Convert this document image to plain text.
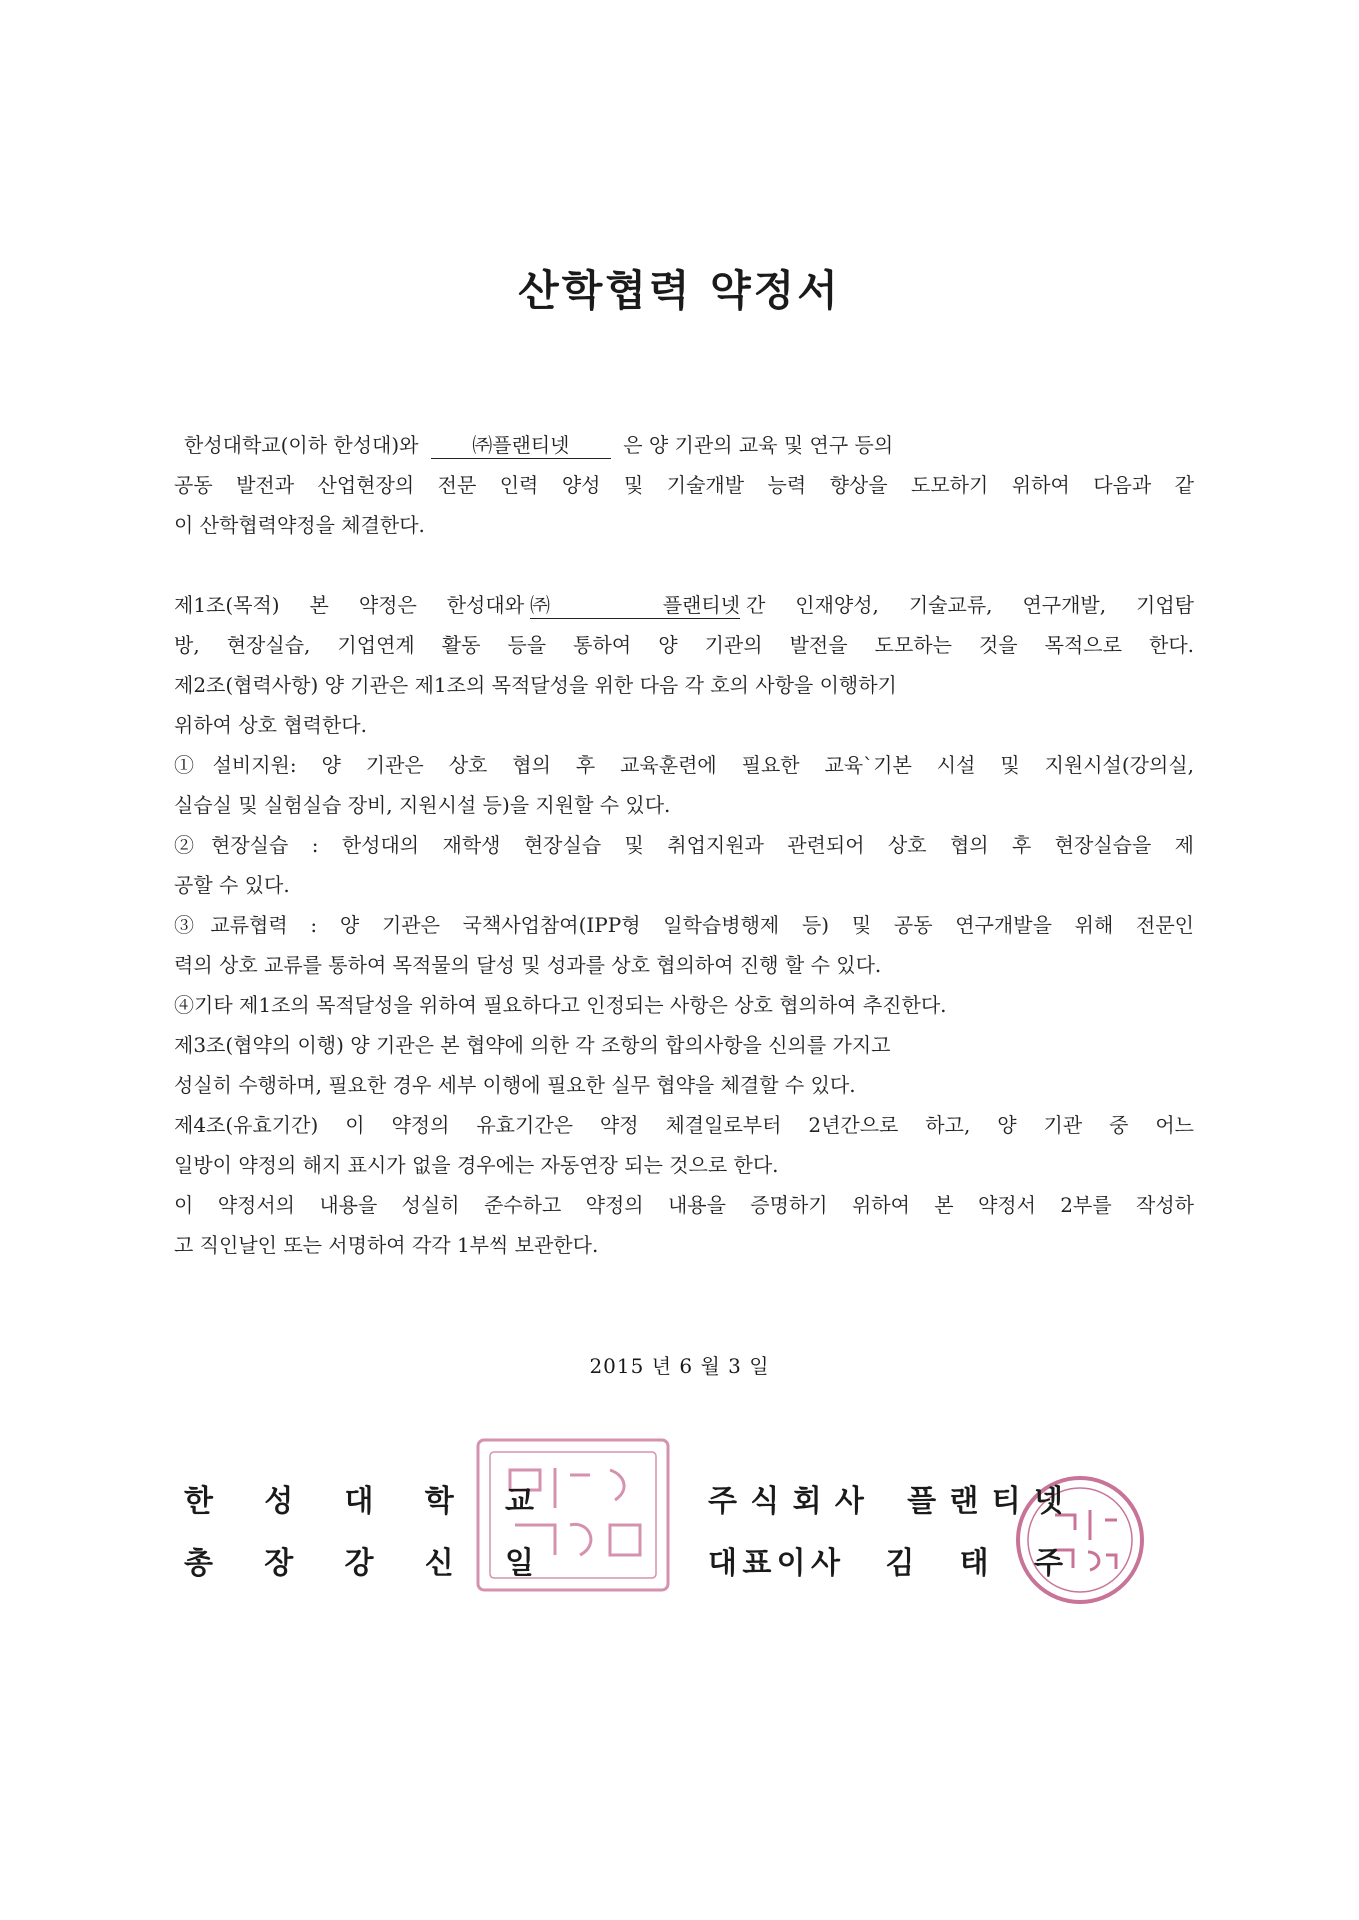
산학협력 약정서
한성대학교(이하 한성대)와	㈜플랜티넷	은 양 기관의 교육 및 연구 등의
공동 발전과 산업현장의 전문 인력 양성 및 기술개발 능력 향상을 도모하기 위하여 다음과 같
이 산학협력약정을 체결한다.
제1조(목적) 본 약정은 한성대와 ㈜플랜티넷 간 인재양성, 기술교류, 연구개발, 기업탐
방, 현장실습, 기업연계 활동 등을 통하여 양 기관의 발전을 도모하는 것을 목적으로 한다.
제2조(협력사항) 양 기관은 제1조의 목적달성을 위한 다음 각 호의 사항을 이행하기
위하여 상호 협력한다.
①설비지원: 양 기관은 상호 협의 후 교육훈련에 필요한 교육`기본 시설 및 지원시설(강의실,
실습실 및 실험실습 장비, 지원시설 등)을 지원할 수 있다.
②현장실습 : 한성대의 재학생 현장실습 및 취업지원과 관련되어 상호 협의 후 현장실습을 제
공할 수 있다.
③교류협력 : 양 기관은 국책사업참여(IPP형 일학습병행제 등) 및 공동 연구개발을 위해 전문인
력의 상호 교류를 통하여 목적물의 달성 및 성과를 상호 협의하여 진행 할 수 있다.
④기타 제1조의 목적달성을 위하여 필요하다고 인정되는 사항은 상호 협의하여 추진한다.
제3조(협약의 이행) 양 기관은 본 협약에 의한 각 조항의 합의사항을 신의를 가지고
성실히 수행하며, 필요한 경우 세부 이행에 필요한 실무 협약을 체결할 수 있다.
제4조(유효기간) 이 약정의 유효기간은 약정 체결일로부터 2년간으로 하고, 양 기관 중 어느
일방이 약정의 해지 표시가 없을 경우에는 자동연장 되는 것으로 한다.
이 약정서의 내용을 성실히 준수하고 약정의 내용을 증명하기 위하여 본 약정서 2부를 작성하
고 직인날인 또는 서명하여 각각 1부씩 보관한다.
2015 년 6 월 3 일
한 성 대 학 교
총 장 강 신 일
주 식 회 사 플 랜 티 넷
대 표 이 사 김 태 주
